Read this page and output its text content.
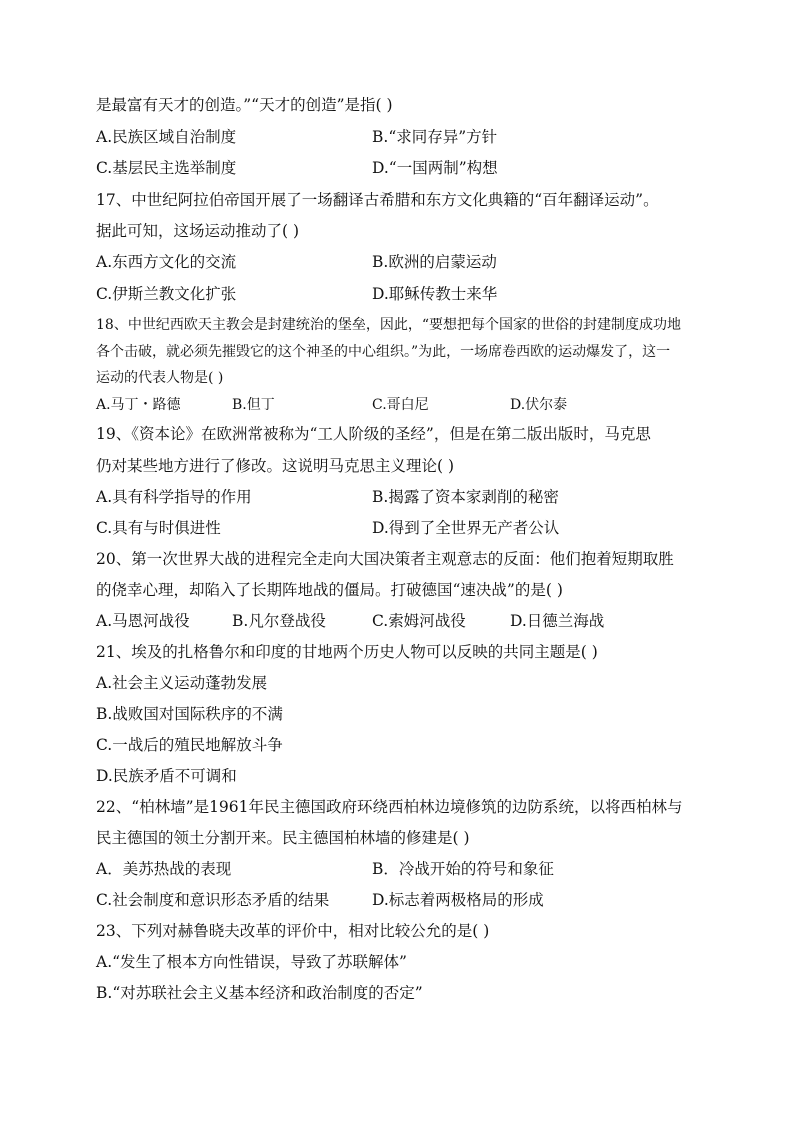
是最富有天才的创造。”“天才的创造”是指( )
A.民族区域自治制度	B.“求同存异”方针
C.基层民主选举制度	D.“一国两制”构想
17、中世纪阿拉伯帝国开展了一场翻译古希腊和东方文化典籍的“百年翻译运动”。
据此可知，这场运动推动了( )
A.东西方文化的交流	B.欧洲的启蒙运动
C.伊斯兰教文化扩张	D.耶稣传教士来华
18、中世纪西欧天主教会是封建统治的堡垒，因此，“要想把每个国家的世俗的封建制度成功地
各个击破，就必须先摧毁它的这个神圣的中心组织。”为此，一场席卷西欧的运动爆发了，这一
运动的代表人物是( )
A.马丁・路德	B.但丁	C.哥白尼	D.伏尔泰
19、《资本论》在欧洲常被称为“工人阶级的圣经”，但是在第二版出版时，马克思
仍对某些地方进行了修改。这说明马克思主义理论( )
A.具有科学指导的作用	B.揭露了资本家剥削的秘密
C.具有与时俱进性	D.得到了全世界无产者公认
20、第一次世界大战的进程完全走向大国决策者主观意志的反面：他们抱着短期取胜
的侥幸心理，却陷入了长期阵地战的僵局。打破德国“速决战”的是( )
A.马恩河战役	B.凡尔登战役	C.索姆河战役	D.日德兰海战
21、埃及的扎格鲁尔和印度的甘地两个历史人物可以反映的共同主题是( )
A.社会主义运动蓬勃发展
B.战败国对国际秩序的不满
C.一战后的殖民地解放斗争
D.民族矛盾不可调和
22、“柏林墙”是1961年民主德国政府环绕西柏林边境修筑的边防系统，以将西柏林与
民主德国的领土分割开来。民主德国柏林墙的修建是( )
A．美苏热战的表现	B．冷战开始的符号和象征
C.社会制度和意识形态矛盾的结果	D.标志着两极格局的形成
23、下列对赫鲁晓夫改革的评价中，相对比较公允的是( )
A.“发生了根本方向性错误，导致了苏联解体”
B.“对苏联社会主义基本经济和政治制度的否定”
